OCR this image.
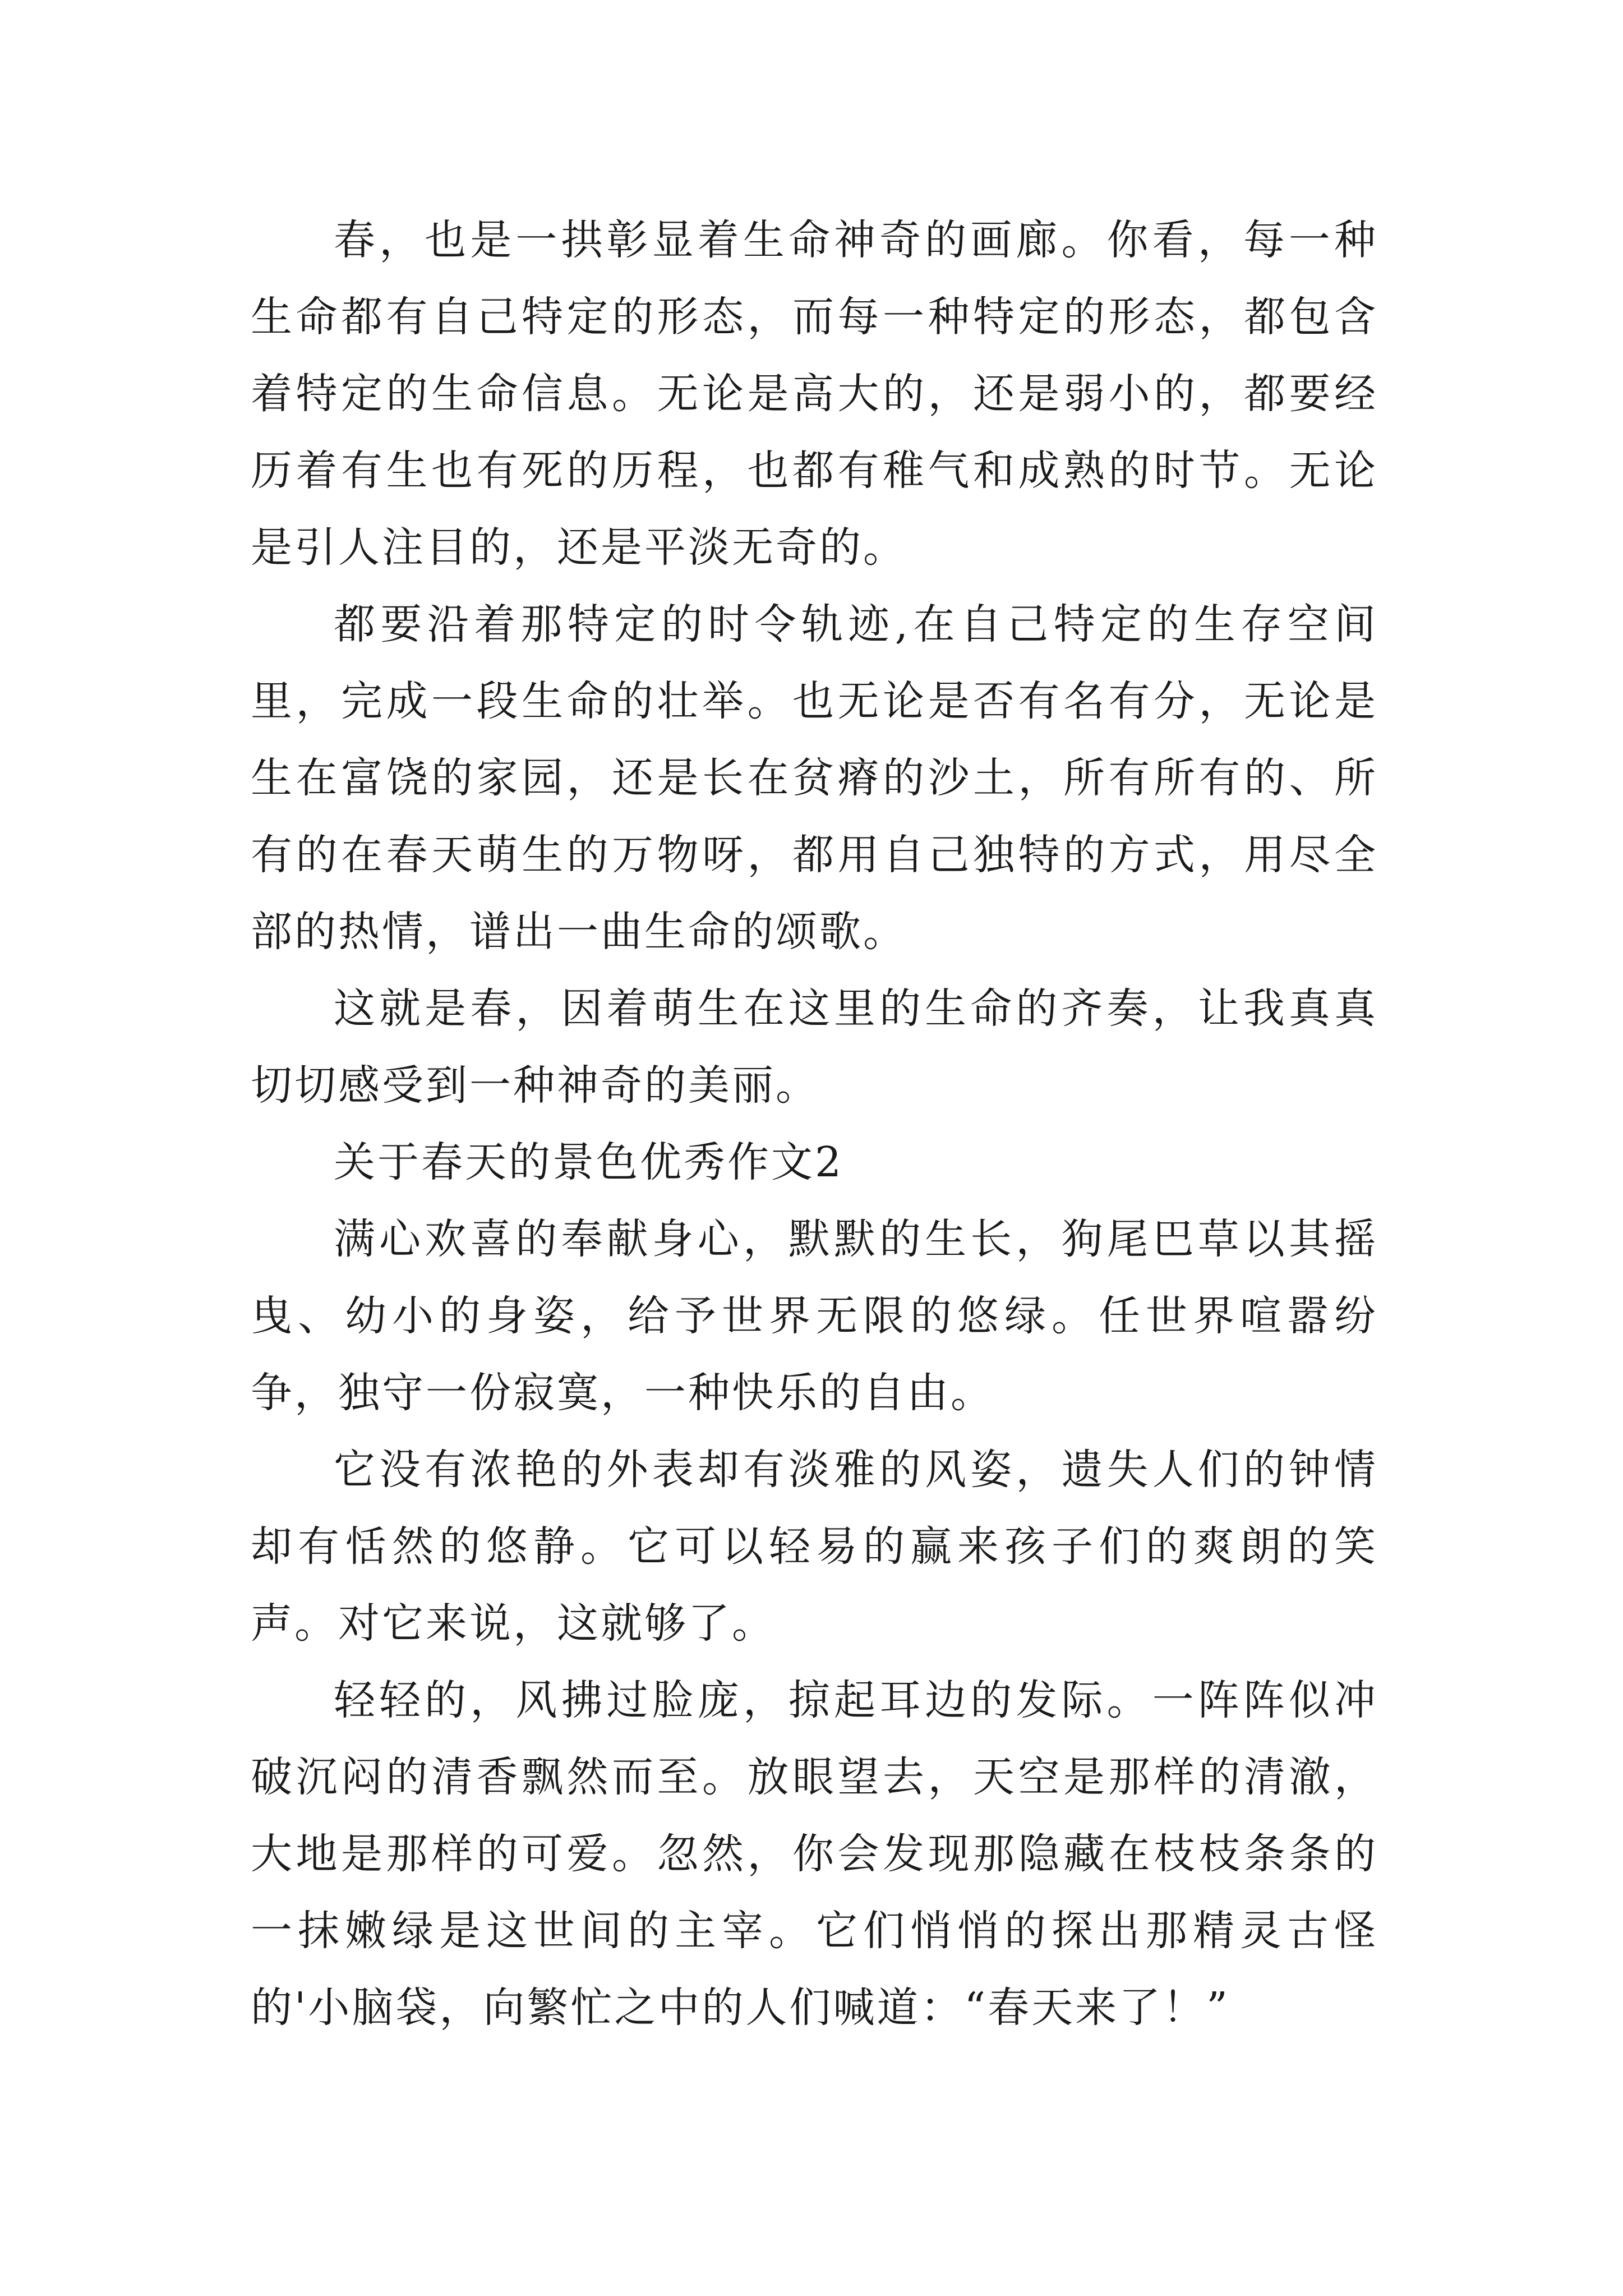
春，也是一拱彰显着生命神奇的画廊。你看，每一种生命都有自己特定的形态，而每一种特定的形态，都包含着特定的生命信息。无论是高大的，还是弱小的，都要经历着有生也有死的历程，也都有稚气和成熟的时节。无论是引人注目的，还是平淡无奇的。

都要沿着那特定的时令轨迹,在自己特定的生存空间里，完成一段生命的壮举。也无论是否有名有分，无论是生在富饶的家园，还是长在贫瘠的沙土，所有所有的、所有的在春天萌生的万物呀，都用自己独特的方式，用尽全部的热情，谱出一曲生命的颂歌。

这就是春，因着萌生在这里的生命的齐奏，让我真真切切感受到一种神奇的美丽。

关于春天的景色优秀作文2

满心欢喜的奉献身心，默默的生长，狗尾巴草以其摇曳、幼小的身姿，给予世界无限的悠绿。任世界喧嚣纷争，独守一份寂寞，一种快乐的自由。

它没有浓艳的外表却有淡雅的风姿，遗失人们的钟情却有恬然的悠静。它可以轻易的赢来孩子们的爽朗的笑声。对它来说，这就够了。

轻轻的，风拂过脸庞，掠起耳边的发际。一阵阵似冲破沉闷的清香飘然而至。放眼望去，天空是那样的清澈，大地是那样的可爱。忽然，你会发现那隐藏在枝枝条条的一抹嫩绿是这世间的主宰。它们悄悄的探出那精灵古怪的'小脑袋，向繁忙之中的人们喊道：“春天来了！”
